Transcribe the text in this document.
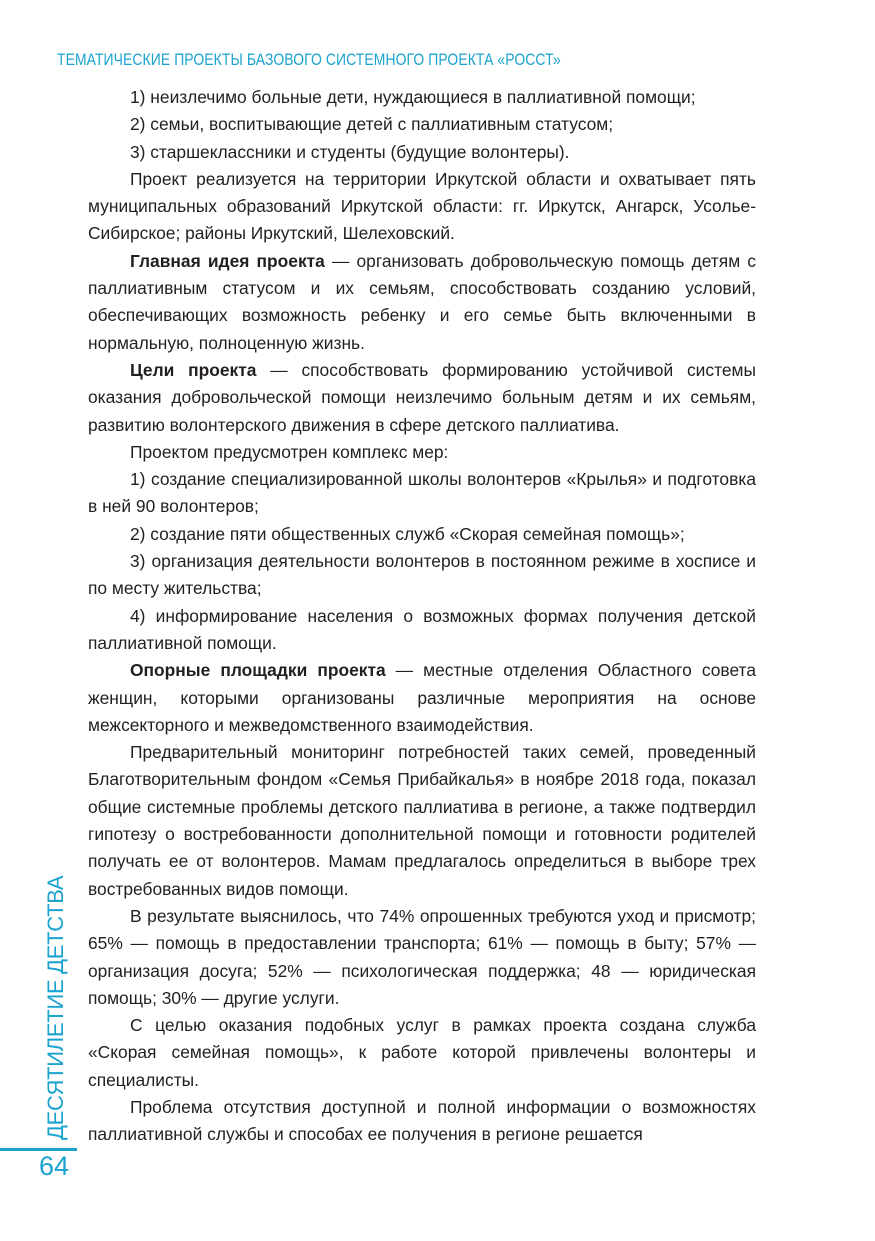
ТЕМАТИЧЕСКИЕ ПРОЕКТЫ БАЗОВОГО СИСТЕМНОГО ПРОЕКТА «РОССТ»

1) неизлечимо больные дети, нуждающиеся в паллиативной помощи;

2) семьи, воспитывающие детей с паллиативным статусом;

3) старшеклассники и студенты (будущие волонтеры).

Проект реализуется на территории Иркутской области и охватывает пять муниципальных образований Иркутской области: гг. Иркутск, Ангарск, Усолье-Сибирское; районы Иркутский, Шелеховский.

Главная идея проекта — организовать добровольческую помощь детям с паллиативным статусом и их семьям, способствовать созданию условий, обеспечивающих возможность ребенку и его семье быть включенными в нормальную, полноценную жизнь.

Цели проекта — способствовать формированию устойчивой системы оказания добровольческой помощи неизлечимо больным детям и их семьям, развитию волонтерского движения в сфере детского паллиатива.

Проектом предусмотрен комплекс мер:

1) создание специализированной школы волонтеров «Крылья» и подготовка в ней 90 волонтеров;

2) создание пяти общественных служб «Скорая семейная помощь»;

3) организация деятельности волонтеров в постоянном режиме в хосписе и по месту жительства;

4) информирование населения о возможных формах получения детской паллиативной помощи.

Опорные площадки проекта — местные отделения Областного совета женщин, которыми организованы различные мероприятия на основе межсекторного и межведомственного взаимодействия.

Предварительный мониторинг потребностей таких семей, проведенный Благотворительным фондом «Семья Прибайкалья» в ноябре 2018 года, показал общие системные проблемы детского паллиатива в регионе, а также подтвердил гипотезу о востребованности дополнительной помощи и готовности родителей получать ее от волонтеров. Мамам предлагалось определиться в выборе трех востребованных видов помощи.

В результате выяснилось, что 74% опрошенных требуются уход и присмотр; 65% — помощь в предоставлении транспорта; 61% — помощь в быту; 57% — организация досуга; 52% — психологическая поддержка; 48 — юридическая помощь; 30% — другие услуги.

С целью оказания подобных услуг в рамках проекта создана служба «Скорая семейная помощь», к работе которой привлечены волонтеры и специалисты.

Проблема отсутствия доступной и полной информации о возможностях паллиативной службы и способах ее получения в регионе решается

ДЕСЯТИЛЕТИЕ ДЕТСТВА
64
